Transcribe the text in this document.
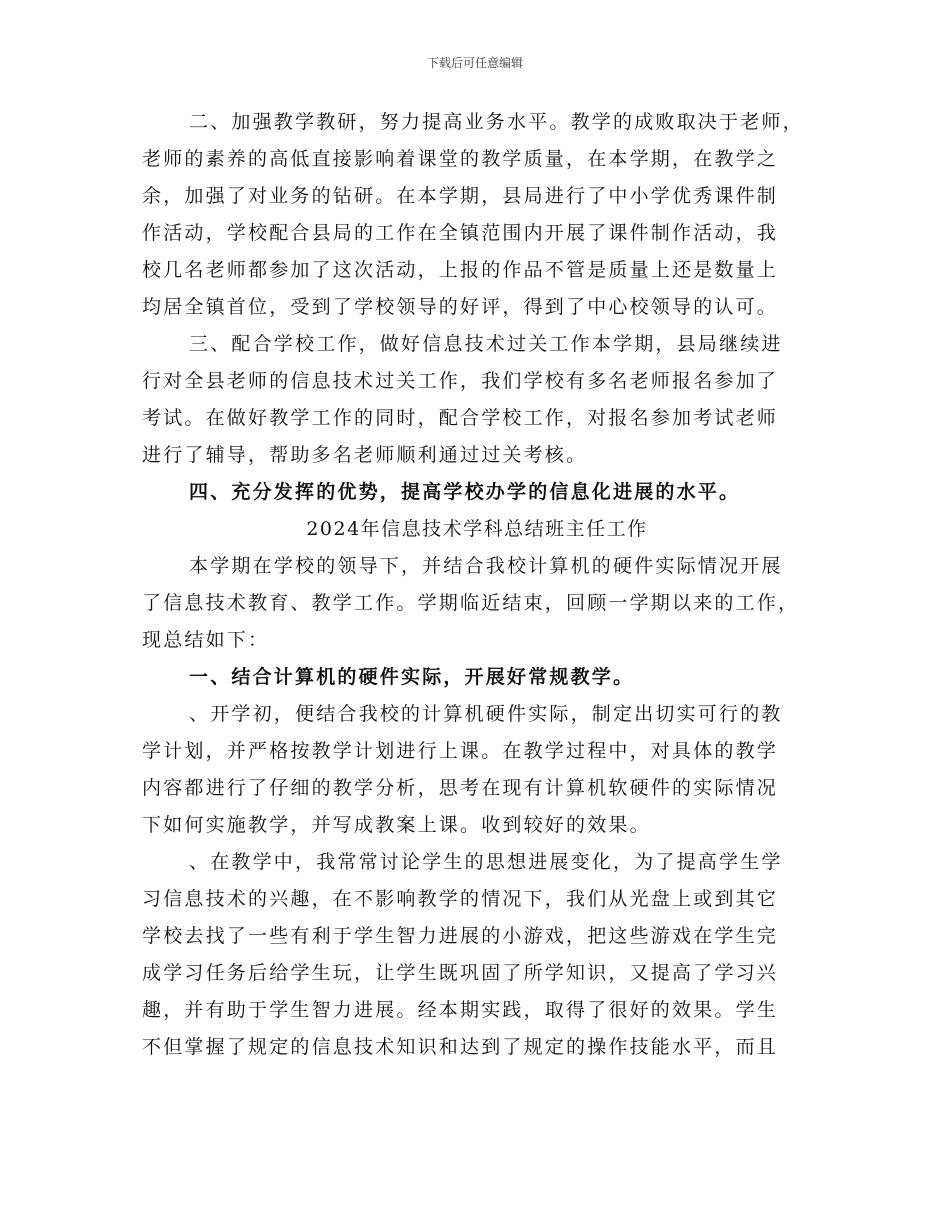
下载后可任意编辑
二、加强教学教研，努力提高业务水平。教学的成败取决于老师，
老师的素养的高低直接影响着课堂的教学质量，在本学期，在教学之
余，加强了对业务的钻研。在本学期，县局进行了中小学优秀课件制
作活动，学校配合县局的工作在全镇范围内开展了课件制作活动，我
校几名老师都参加了这次活动，上报的作品不管是质量上还是数量上
均居全镇首位，受到了学校领导的好评，得到了中心校领导的认可。
三、配合学校工作，做好信息技术过关工作本学期，县局继续进
行对全县老师的信息技术过关工作，我们学校有多名老师报名参加了
考试。在做好教学工作的同时，配合学校工作，对报名参加考试老师
进行了辅导，帮助多名老师顺利通过过关考核。
四、充分发挥的优势，提高学校办学的信息化进展的水平。
2024年信息技术学科总结班主任工作
本学期在学校的领导下，并结合我校计算机的硬件实际情况开展
了信息技术教育、教学工作。学期临近结束，回顾一学期以来的工作，
现总结如下：
一、结合计算机的硬件实际，开展好常规教学。
、开学初，便结合我校的计算机硬件实际，制定出切实可行的教
学计划，并严格按教学计划进行上课。在教学过程中，对具体的教学
内容都进行了仔细的教学分析，思考在现有计算机软硬件的实际情况
下如何实施教学，并写成教案上课。收到较好的效果。
、在教学中，我常常讨论学生的思想进展变化，为了提高学生学
习信息技术的兴趣，在不影响教学的情况下，我们从光盘上或到其它
学校去找了一些有利于学生智力进展的小游戏，把这些游戏在学生完
成学习任务后给学生玩，让学生既巩固了所学知识，又提高了学习兴
趣，并有助于学生智力进展。经本期实践，取得了很好的效果。学生
不但掌握了规定的信息技术知识和达到了规定的操作技能水平，而且
